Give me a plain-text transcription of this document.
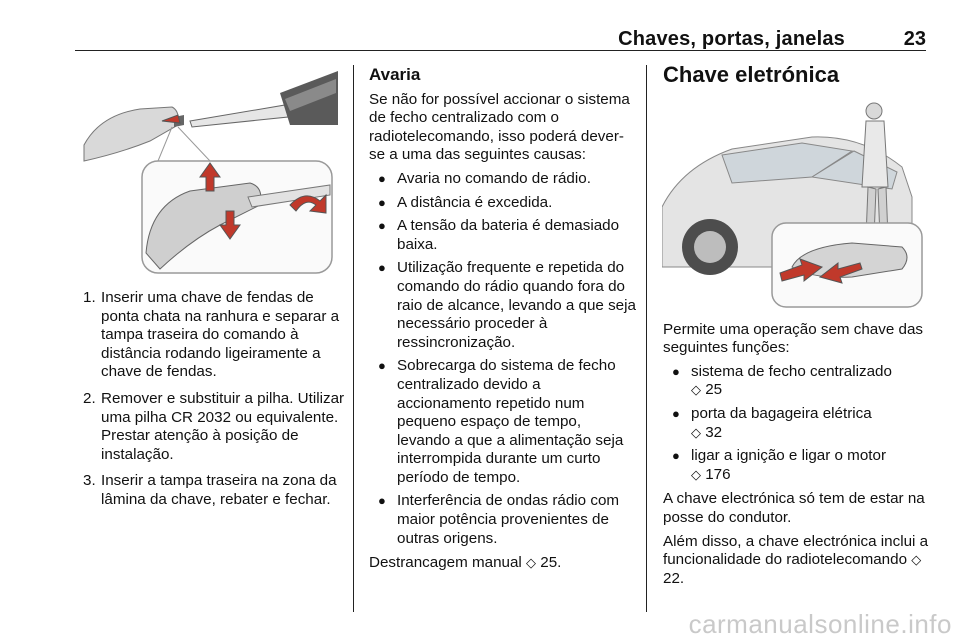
Chaves, portas, janelas	23
1. Inserir uma chave de fendas de ponta chata na ranhura e separar a tampa traseira do comando à distância rodando ligeiramente a chave de fendas.
2. Remover e substituir a pilha. Utilizar uma pilha CR 2032 ou equivalente. Prestar atenção à posição de instalação.
3. Inserir a tampa traseira na zona da lâmina da chave, rebater e fechar.
Avaria

Se não for possível accionar o sistema de fecho centralizado com o radiotelecomando, isso poderá dever-se a uma das seguintes causas:

● Avaria no comando de rádio.
● A distância é excedida.
● A tensão da bateria é demasiado baixa.
● Utilização frequente e repetida do comando do rádio quando fora do raio de alcance, levando a que seja necessário proceder à ressincronização.
● Sobrecarga do sistema de fecho centralizado devido a accionamento repetido num pequeno espaço de tempo, levando a que a alimentação seja interrompida durante um curto período de tempo.
● Interferência de ondas rádio com maior potência provenientes de outras origens.

Destrancagem manual ◇ 25.

Chave eletrónica

Permite uma operação sem chave das seguintes funções:

● sistema de fecho centralizado
◇ 25
● porta da bagageira elétrica
◇ 32
● ligar a ignição e ligar o motor
◇ 176

A chave electrónica só tem de estar na posse do condutor.

Além disso, a chave electrónica inclui a funcionalidade do radiotelecomando ◇ 22.

carmanualsonline.info
